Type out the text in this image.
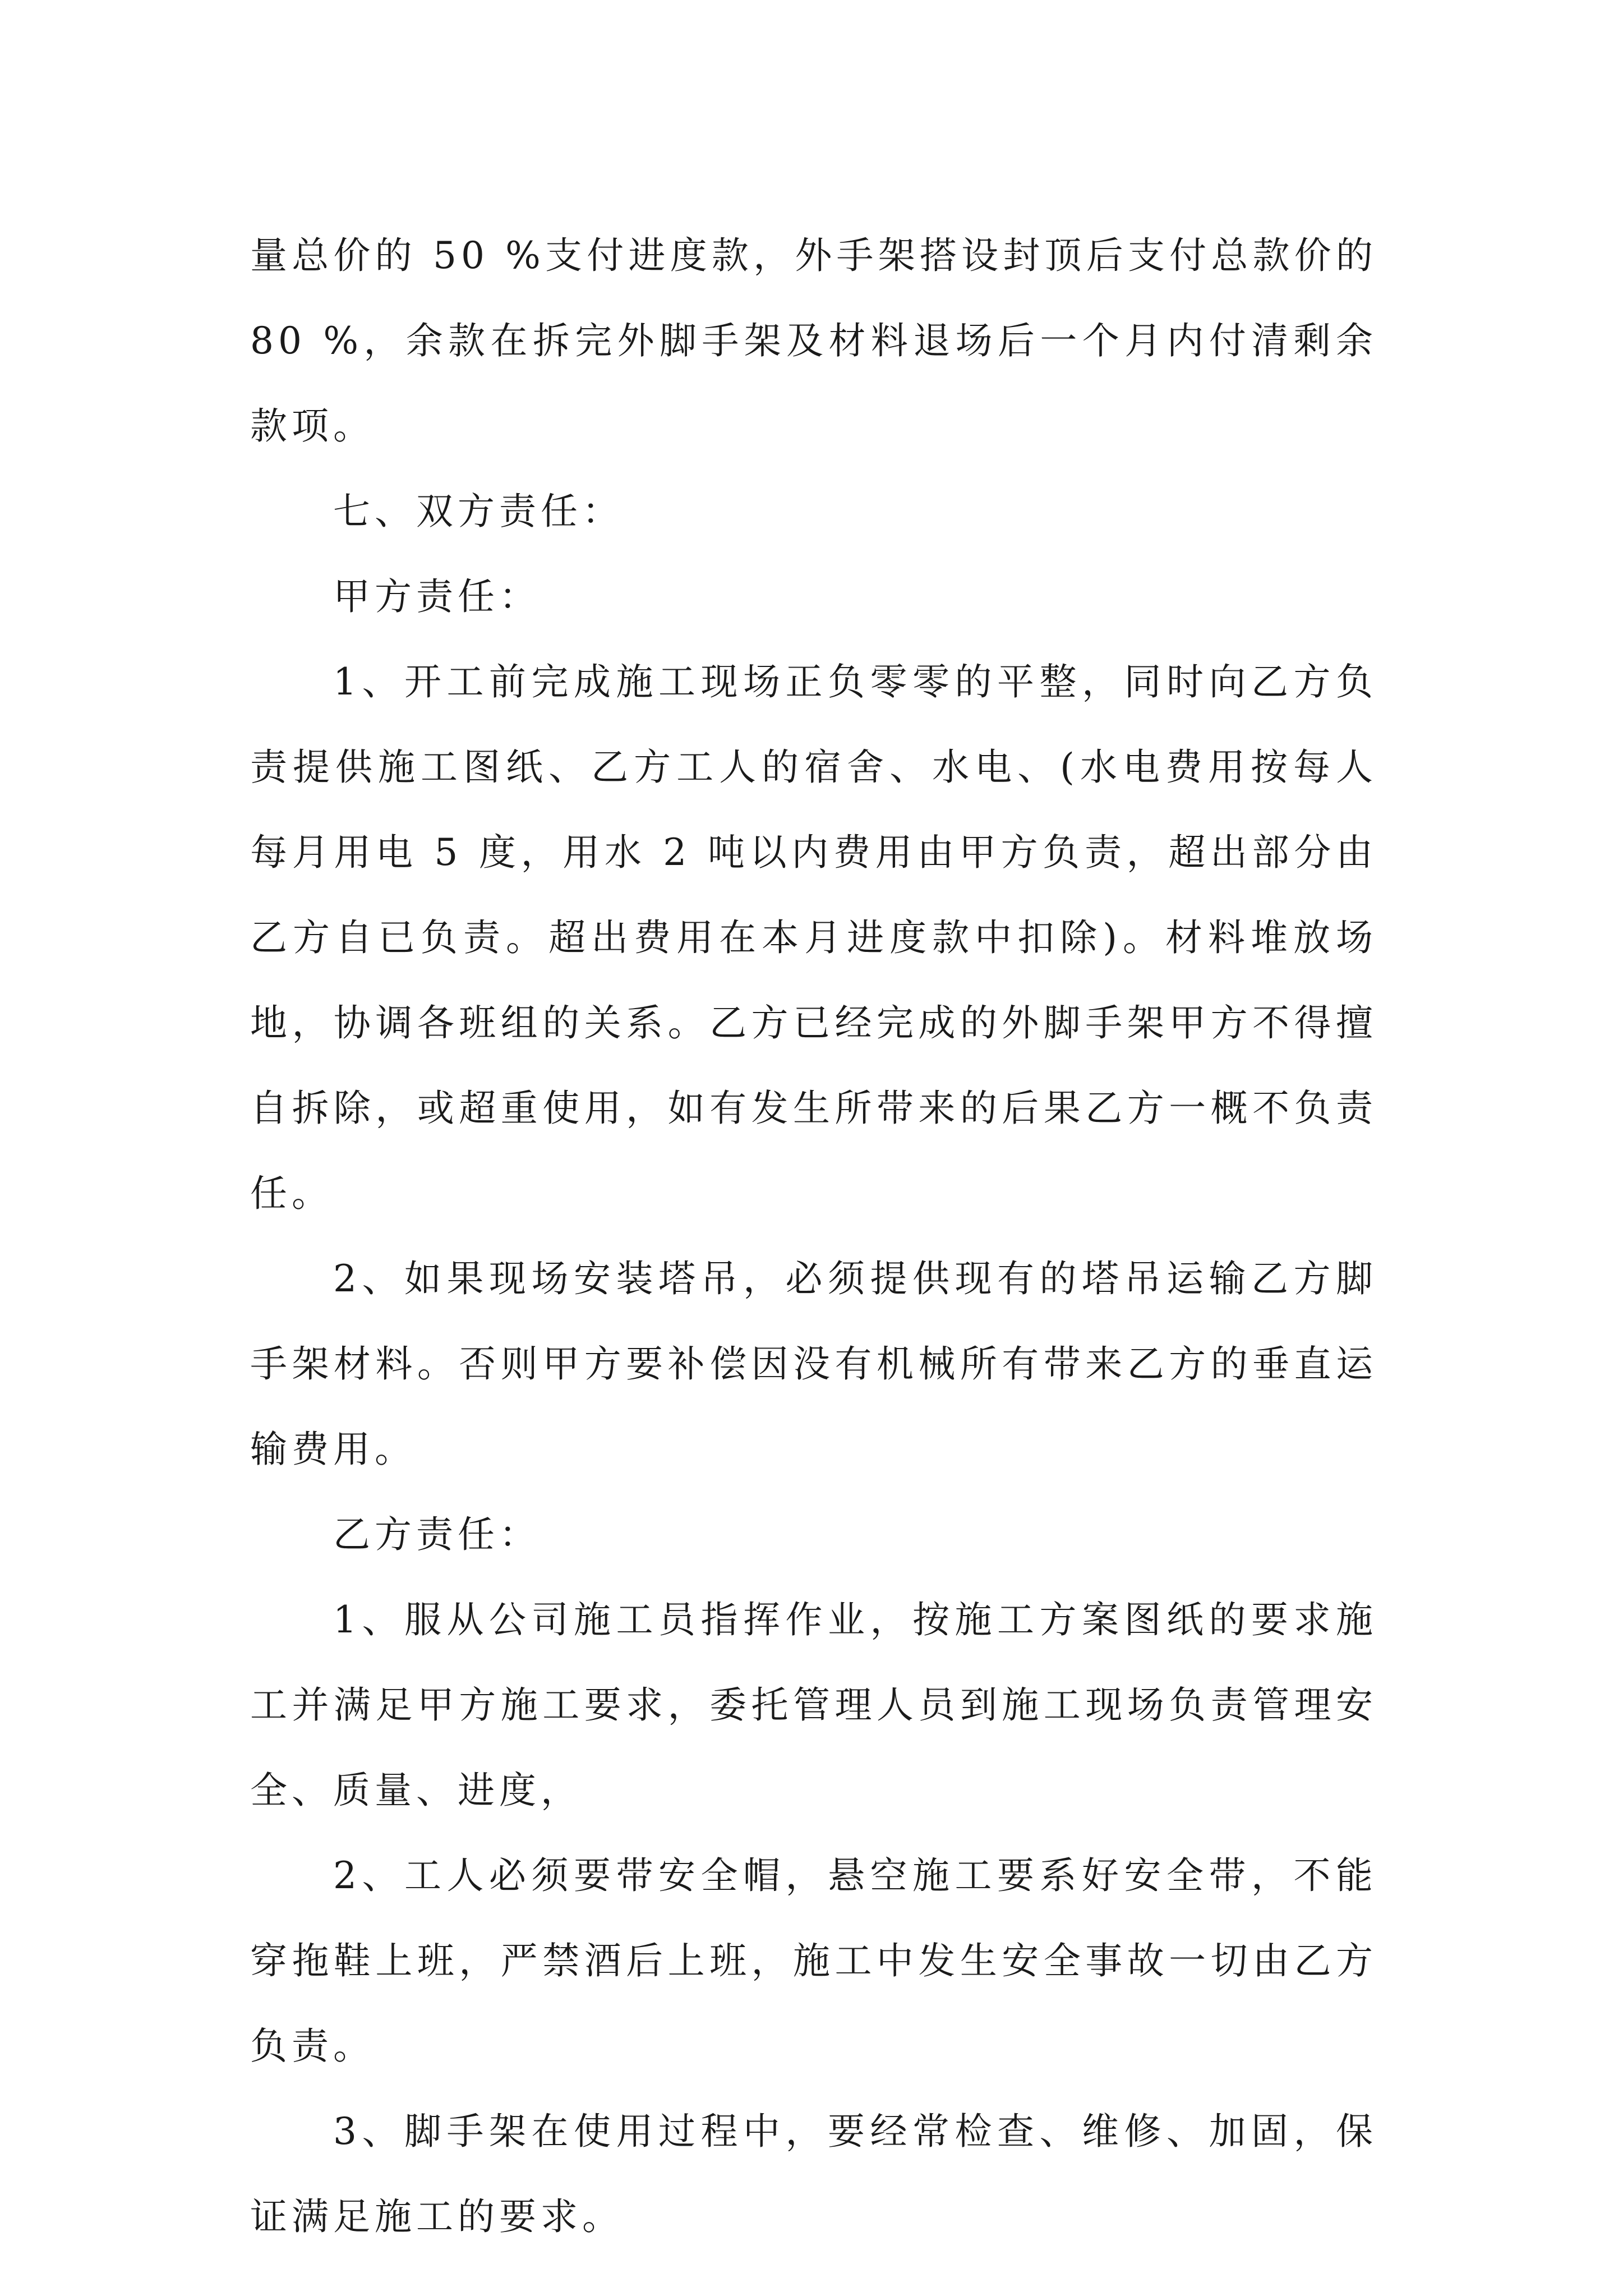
量总价的 50 %支付进度款，外手架搭设封顶后支付总款价的 80 %，余款在拆完外脚手架及材料退场后一个月内付清剩余款项。

七、双方责任：

甲方责任：

1、开工前完成施工现场正负零零的平整，同时向乙方负责提供施工图纸、乙方工人的宿舍、水电、(水电费用按每人每月用电 5 度，用水 2 吨以内费用由甲方负责，超出部分由乙方自已负责。超出费用在本月进度款中扣除)。材料堆放场地，协调各班组的关系。乙方已经完成的外脚手架甲方不得擅自拆除，或超重使用，如有发生所带来的后果乙方一概不负责任。

2、如果现场安装塔吊，必须提供现有的塔吊运输乙方脚手架材料。否则甲方要补偿因没有机械所有带来乙方的垂直运输费用。

乙方责任：

1、服从公司施工员指挥作业，按施工方案图纸的要求施工并满足甲方施工要求，委托管理人员到施工现场负责管理安全、质量、进度，

2、工人必须要带安全帽，悬空施工要系好安全带，不能穿拖鞋上班，严禁酒后上班，施工中发生安全事故一切由乙方负责。

3、脚手架在使用过程中，要经常检查、维修、加固，保证满足施工的要求。
